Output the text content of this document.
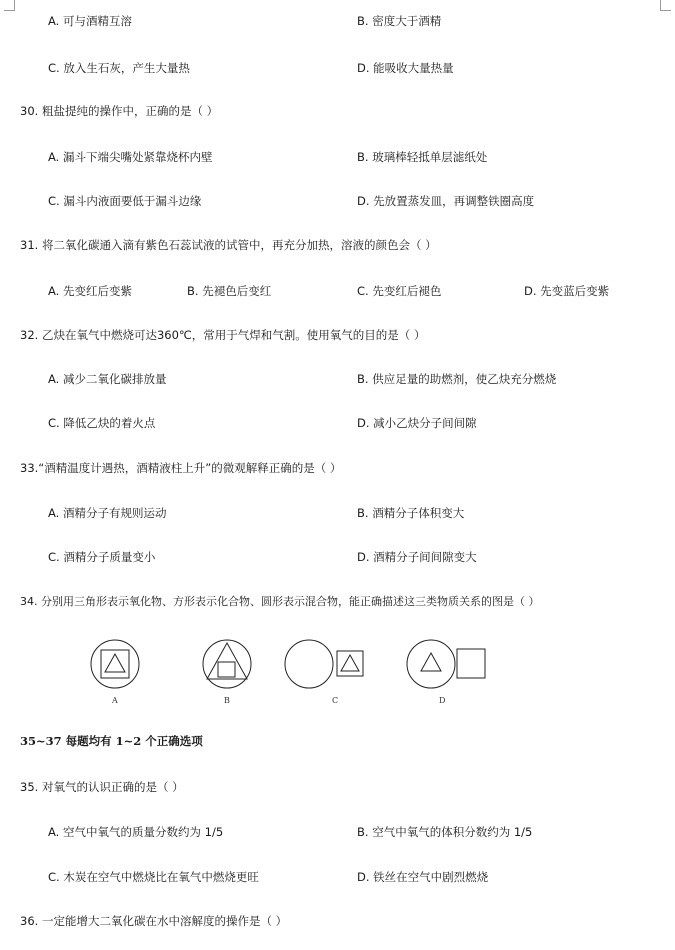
A. 可与酒精互溶	B. 密度大于酒精
C. 放入生石灰，产生大量热	D. 能吸收大量热量
30. 粗盐提纯的操作中，正确的是（ ）
A. 漏斗下端尖嘴处紧靠烧杯内壁	B. 玻璃棒轻抵单层滤纸处
C. 漏斗内液面要低于漏斗边缘	D. 先放置蒸发皿，再调整铁圈高度
31. 将二氧化碳通入滴有紫色石蕊试液的试管中，再充分加热，溶液的颜色会（ ）
A. 先变红后变紫	B. 先褪色后变红	C. 先变红后褪色	D. 先变蓝后变紫
32. 乙炔在氧气中燃烧可达360℃，常用于气焊和气割。使用氧气的目的是（ ）
A. 减少二氧化碳排放量	B. 供应足量的助燃剂，使乙炔充分燃烧
C. 降低乙炔的着火点	D. 减小乙炔分子间间隙
33.“酒精温度计遇热，酒精液柱上升”的微观解释正确的是（ ）
A. 酒精分子有规则运动	B. 酒精分子体积变大
C. 酒精分子质量变小	D. 酒精分子间间隙变大
34. 分别用三角形表示氧化物、方形表示化合物、圆形表示混合物，能正确描述这三类物质关系的图是（ ）
A	B	C	D
35~37 每题均有 1~2 个正确选项
35. 对氧气的认识正确的是（ ）
A. 空气中氧气的质量分数约为 1/5	B. 空气中氧气的体积分数约为 1/5
C. 木炭在空气中燃烧比在氧气中燃烧更旺	D. 铁丝在空气中剧烈燃烧
36. 一定能增大二氧化碳在水中溶解度的操作是（ ）
